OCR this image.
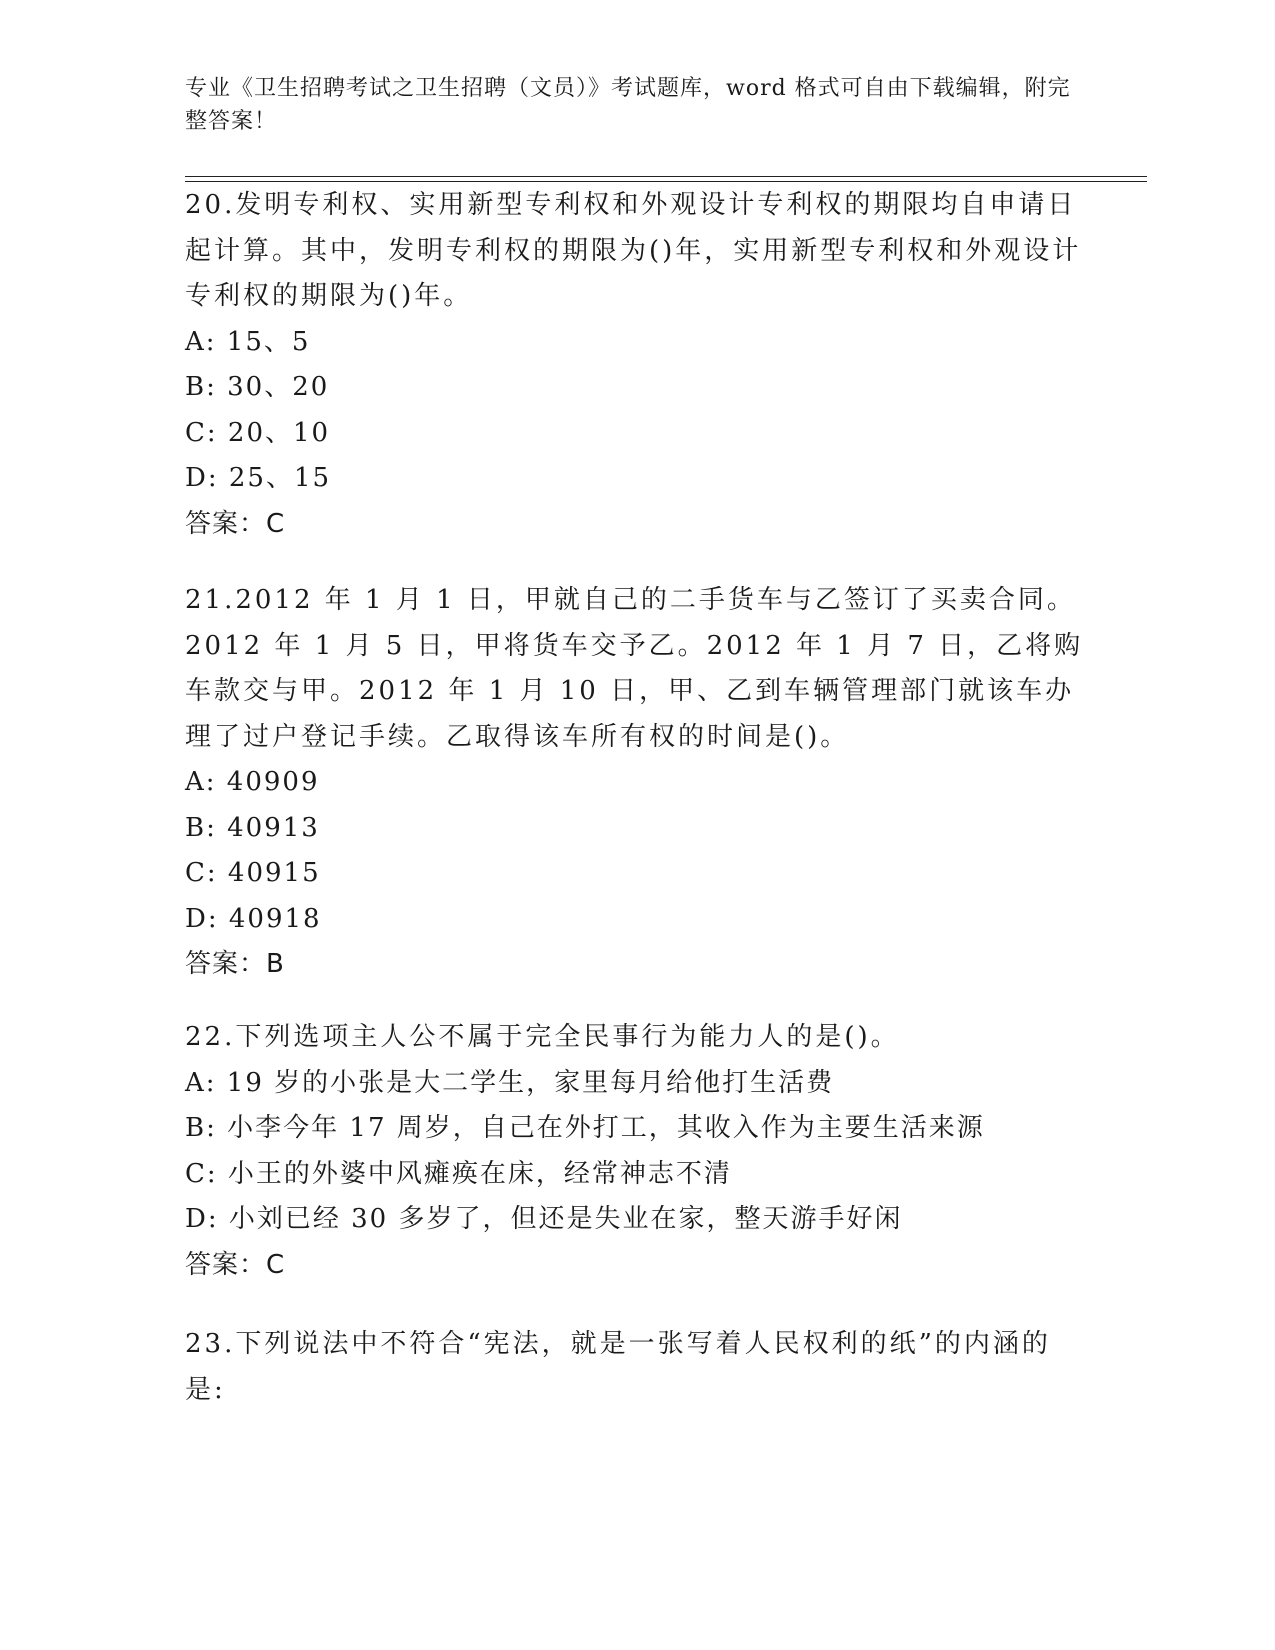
专业《卫生招聘考试之卫生招聘（文员）》考试题库，word 格式可自由下载编辑，附完整答案！

20.发明专利权、实用新型专利权和外观设计专利权的期限均自申请日起计算。其中，发明专利权的期限为()年，实用新型专利权和外观设计专利权的期限为()年。

A: 15、5

B: 30、20

C: 20、10

D: 25、15

答案：C

21.2012 年 1 月 1 日，甲就自己的二手货车与乙签订了买卖合同。2012 年 1 月 5 日，甲将货车交予乙。2012 年 1 月 7 日，乙将购车款交与甲。2012 年 1 月 10 日，甲、乙到车辆管理部门就该车办理了过户登记手续。乙取得该车所有权的时间是()。

A: 40909

B: 40913

C: 40915

D: 40918

答案：B

22.下列选项主人公不属于完全民事行为能力人的是()。

A: 19 岁的小张是大二学生，家里每月给他打生活费

B: 小李今年 17 周岁，自己在外打工，其收入作为主要生活来源

C: 小王的外婆中风瘫痪在床，经常神志不清

D: 小刘已经 30 多岁了，但还是失业在家，整天游手好闲

答案：C

23.下列说法中不符合“宪法，就是一张写着人民权利的纸”的内涵的是:
